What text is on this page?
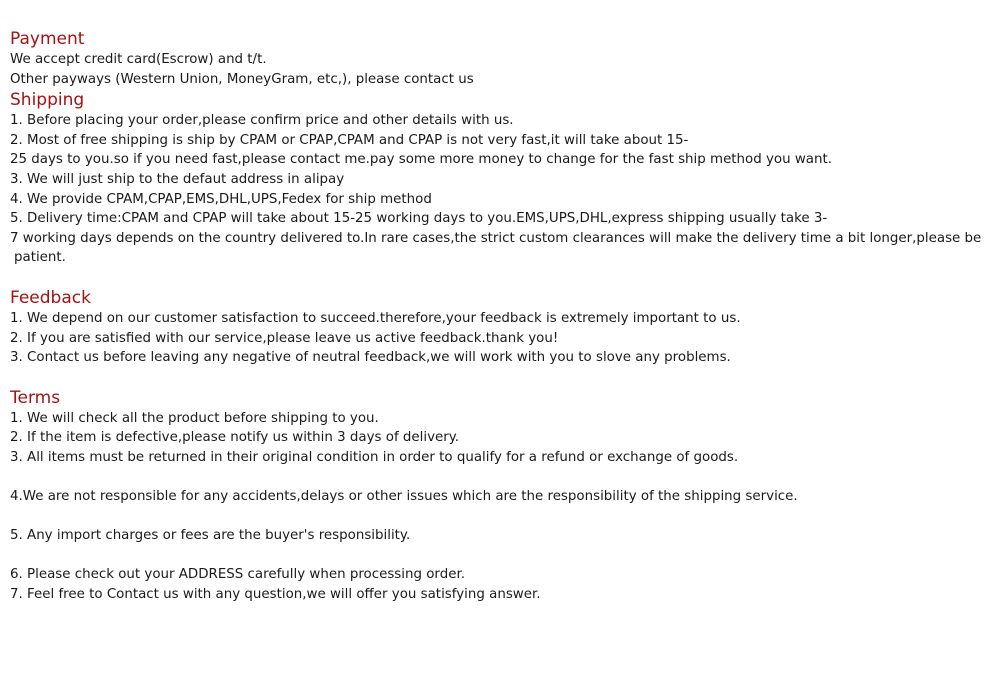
Payment

We accept credit card(Escrow) and t/t.

Other payways (Western Union, MoneyGram, etc,), please contact us

Shipping

1. Before placing your order,please confirm price and other details with us.

2. Most of free shipping is ship by CPAM or CPAP,CPAM and CPAP is not very fast,it will take about 15-

25 days to you.so if you need fast,please contact me.pay some more money to change for the fast ship method you want.

3. We will just ship to the defaut address in alipay

4. We provide CPAM,CPAP,EMS,DHL,UPS,Fedex for ship method

5. Delivery time:CPAM and CPAP will take about 15-25 working days to you.EMS,UPS,DHL,express shipping usually take 3-

7 working days depends on the country delivered to.In rare cases,the strict custom clearances will make the delivery time a bit longer,please be

patient.

Feedback

1. We depend on our customer satisfaction to succeed.therefore,your feedback is extremely important to us.

2. If you are satisfied with our service,please leave us active feedback.thank you!

3. Contact us before leaving any negative of neutral feedback,we will work with you to slove any problems.

Terms

1. We will check all the product before shipping to you.

2. If the item is defective,please notify us within 3 days of delivery.

3. All items must be returned in their original condition in order to qualify for a refund or exchange of goods.

4.We are not responsible for any accidents,delays or other issues which are the responsibility of the shipping service.

5. Any import charges or fees are the buyer's responsibility.

6. Please check out your ADDRESS carefully when processing order.

7. Feel free to Contact us with any question,we will offer you satisfying answer.
